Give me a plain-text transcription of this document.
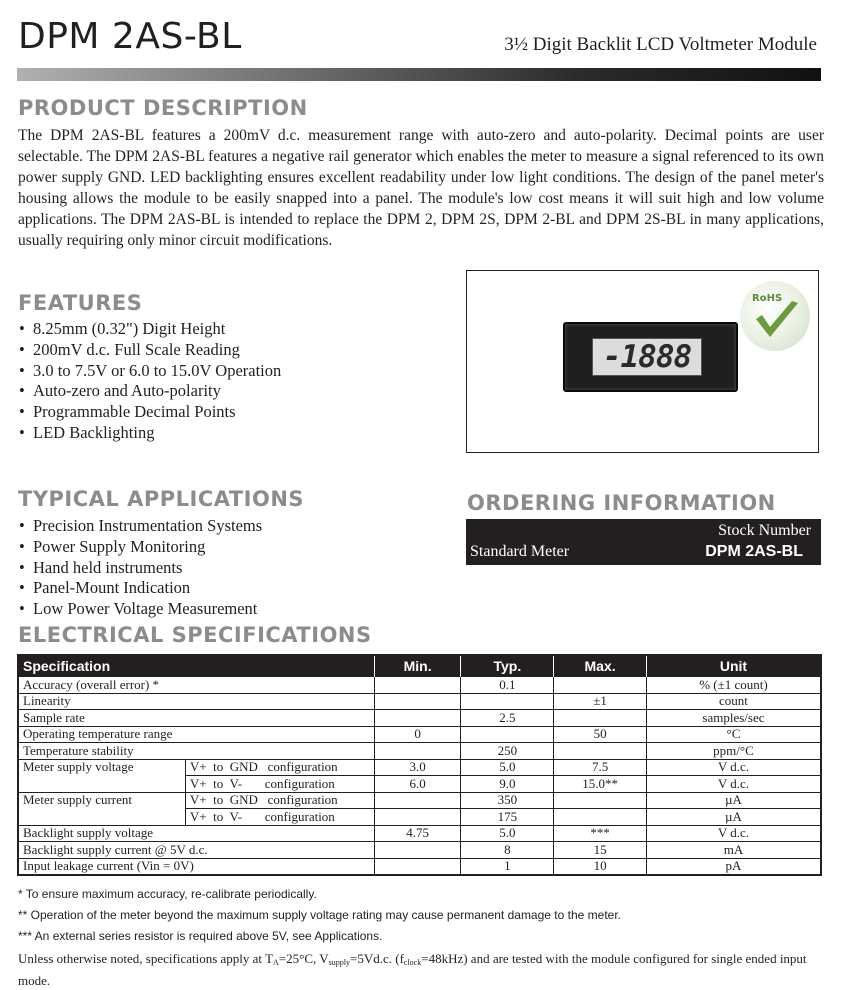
DPM 2AS-BL	3½ Digit Backlit LCD Voltmeter Module
PRODUCT DESCRIPTION

The DPM 2AS-BL features a 200mV d.c. measurement range with auto-zero and auto-polarity. Decimal points are user selectable. The DPM 2AS-BL features a negative rail generator which enables the meter to measure a signal referenced to its own power supply GND. LED backlighting ensures excellent readability under low light conditions. The design of the panel meter's housing allows the module to be easily snapped into a panel. The module's low cost means it will suit high and low volume applications. The DPM 2AS-BL is intended to replace the DPM 2, DPM 2S, DPM 2-BL and DPM 2S-BL in many applications, usually requiring only minor circuit modifications.

FEATURES
• 8.25mm (0.32") Digit Height
• 200mV d.c. Full Scale Reading
• 3.0 to 7.5V or 6.0 to 15.0V Operation
• Auto-zero and Auto-polarity
• Programmable Decimal Points
• LED Backlighting
-1888
RoHS
TYPICAL APPLICATIONS
• Precision Instrumentation Systems
• Power Supply Monitoring
• Hand held instruments
• Panel-Mount Indication
• Low Power Voltage Measurement
ORDERING INFORMATION
Stock Number
Standard Meter	DPM 2AS-BL
ELECTRICAL SPECIFICATIONS
Specification		Min.	Typ.	Max.	Unit
Accuracy (overall error) *			0.1		% (±1 count)
Linearity				±1	count
Sample rate			2.5		samples/sec
Operating temperature range		0		50	°C
Temperature stability			250		ppm/°C
Meter supply voltage	V+  to  GND   configuration	3.0	5.0	7.5	V d.c.
	V+  to  V-       configuration	6.0	9.0	15.0**	V d.c.
Meter supply current	V+  to  GND   configuration		350		µA
	V+  to  V-       configuration		175		µA
Backlight supply voltage		4.75	5.0	***	V d.c.
Backlight supply current @ 5V d.c.			8	15	mA
Input leakage current (Vin = 0V)			1	10	pA
* To ensure maximum accuracy, re-calibrate periodically.
** Operation of the meter beyond the maximum supply voltage rating may cause permanent damage to the meter.
*** An external series resistor is required above 5V, see Applications.

Unless otherwise noted, specifications apply at $T_A=25^\circ C$, $V_{supply}=5Vd.c$. $(f_{clock}=48kHz)$ and are tested with the module configured for single ended input mode.
